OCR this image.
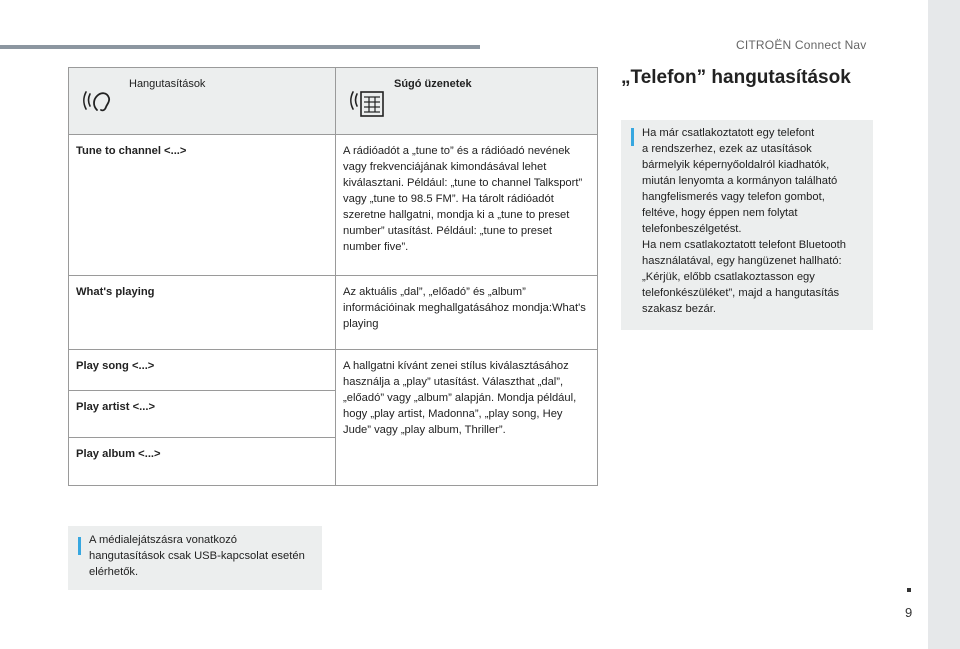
CITROËN Connect Nav
Hangutasítások	Súgó üzenetek

Tune to channel <...>	A rádióadót a „tune to” és a rádióadó nevének vagy frekvenciájának kimondásával lehet kiválasztani. Például: „tune to channel Talksport” vagy „tune to 98.5 FM”. Ha tárolt rádióadót szeretne hallgatni, mondja ki a „tune to preset number” utasítást. Például: „tune to preset number five”.

What's playing	Az aktuális „dal”, „előadó” és „album” információinak meghallgatásához mondja:What's playing

Play song <...>	A hallgatni kívánt zenei stílus kiválasztásához használja a „play” utasítást. Választhat „dal”, „előadó” vagy „album” alapján. Mondja például, hogy „play artist, Madonna”, „play song, Hey Jude” vagy „play album, Thriller”.

Play artist <...>	

Play album <...>	
A médialejátszásra vonatkozó hangutasítások csak USB-kapcsolat esetén elérhetők.
„Telefon” hangutasítások
Ha már csatlakoztatott egy telefont
a rendszerhez, ezek az utasítások
bármelyik képernyőoldalról kiadhatók,
miután lenyomta a kormányon található
hangfelismerés vagy telefon gombot,
feltéve, hogy éppen nem folytat
telefonbeszélgetést.
Ha nem csatlakoztatott telefont Bluetooth
használatával, egy hangüzenet hallható:
„Kérjük, előbb csatlakoztasson egy
telefonkészüléket”, majd a hangutasítás
szakasz bezár.
9
